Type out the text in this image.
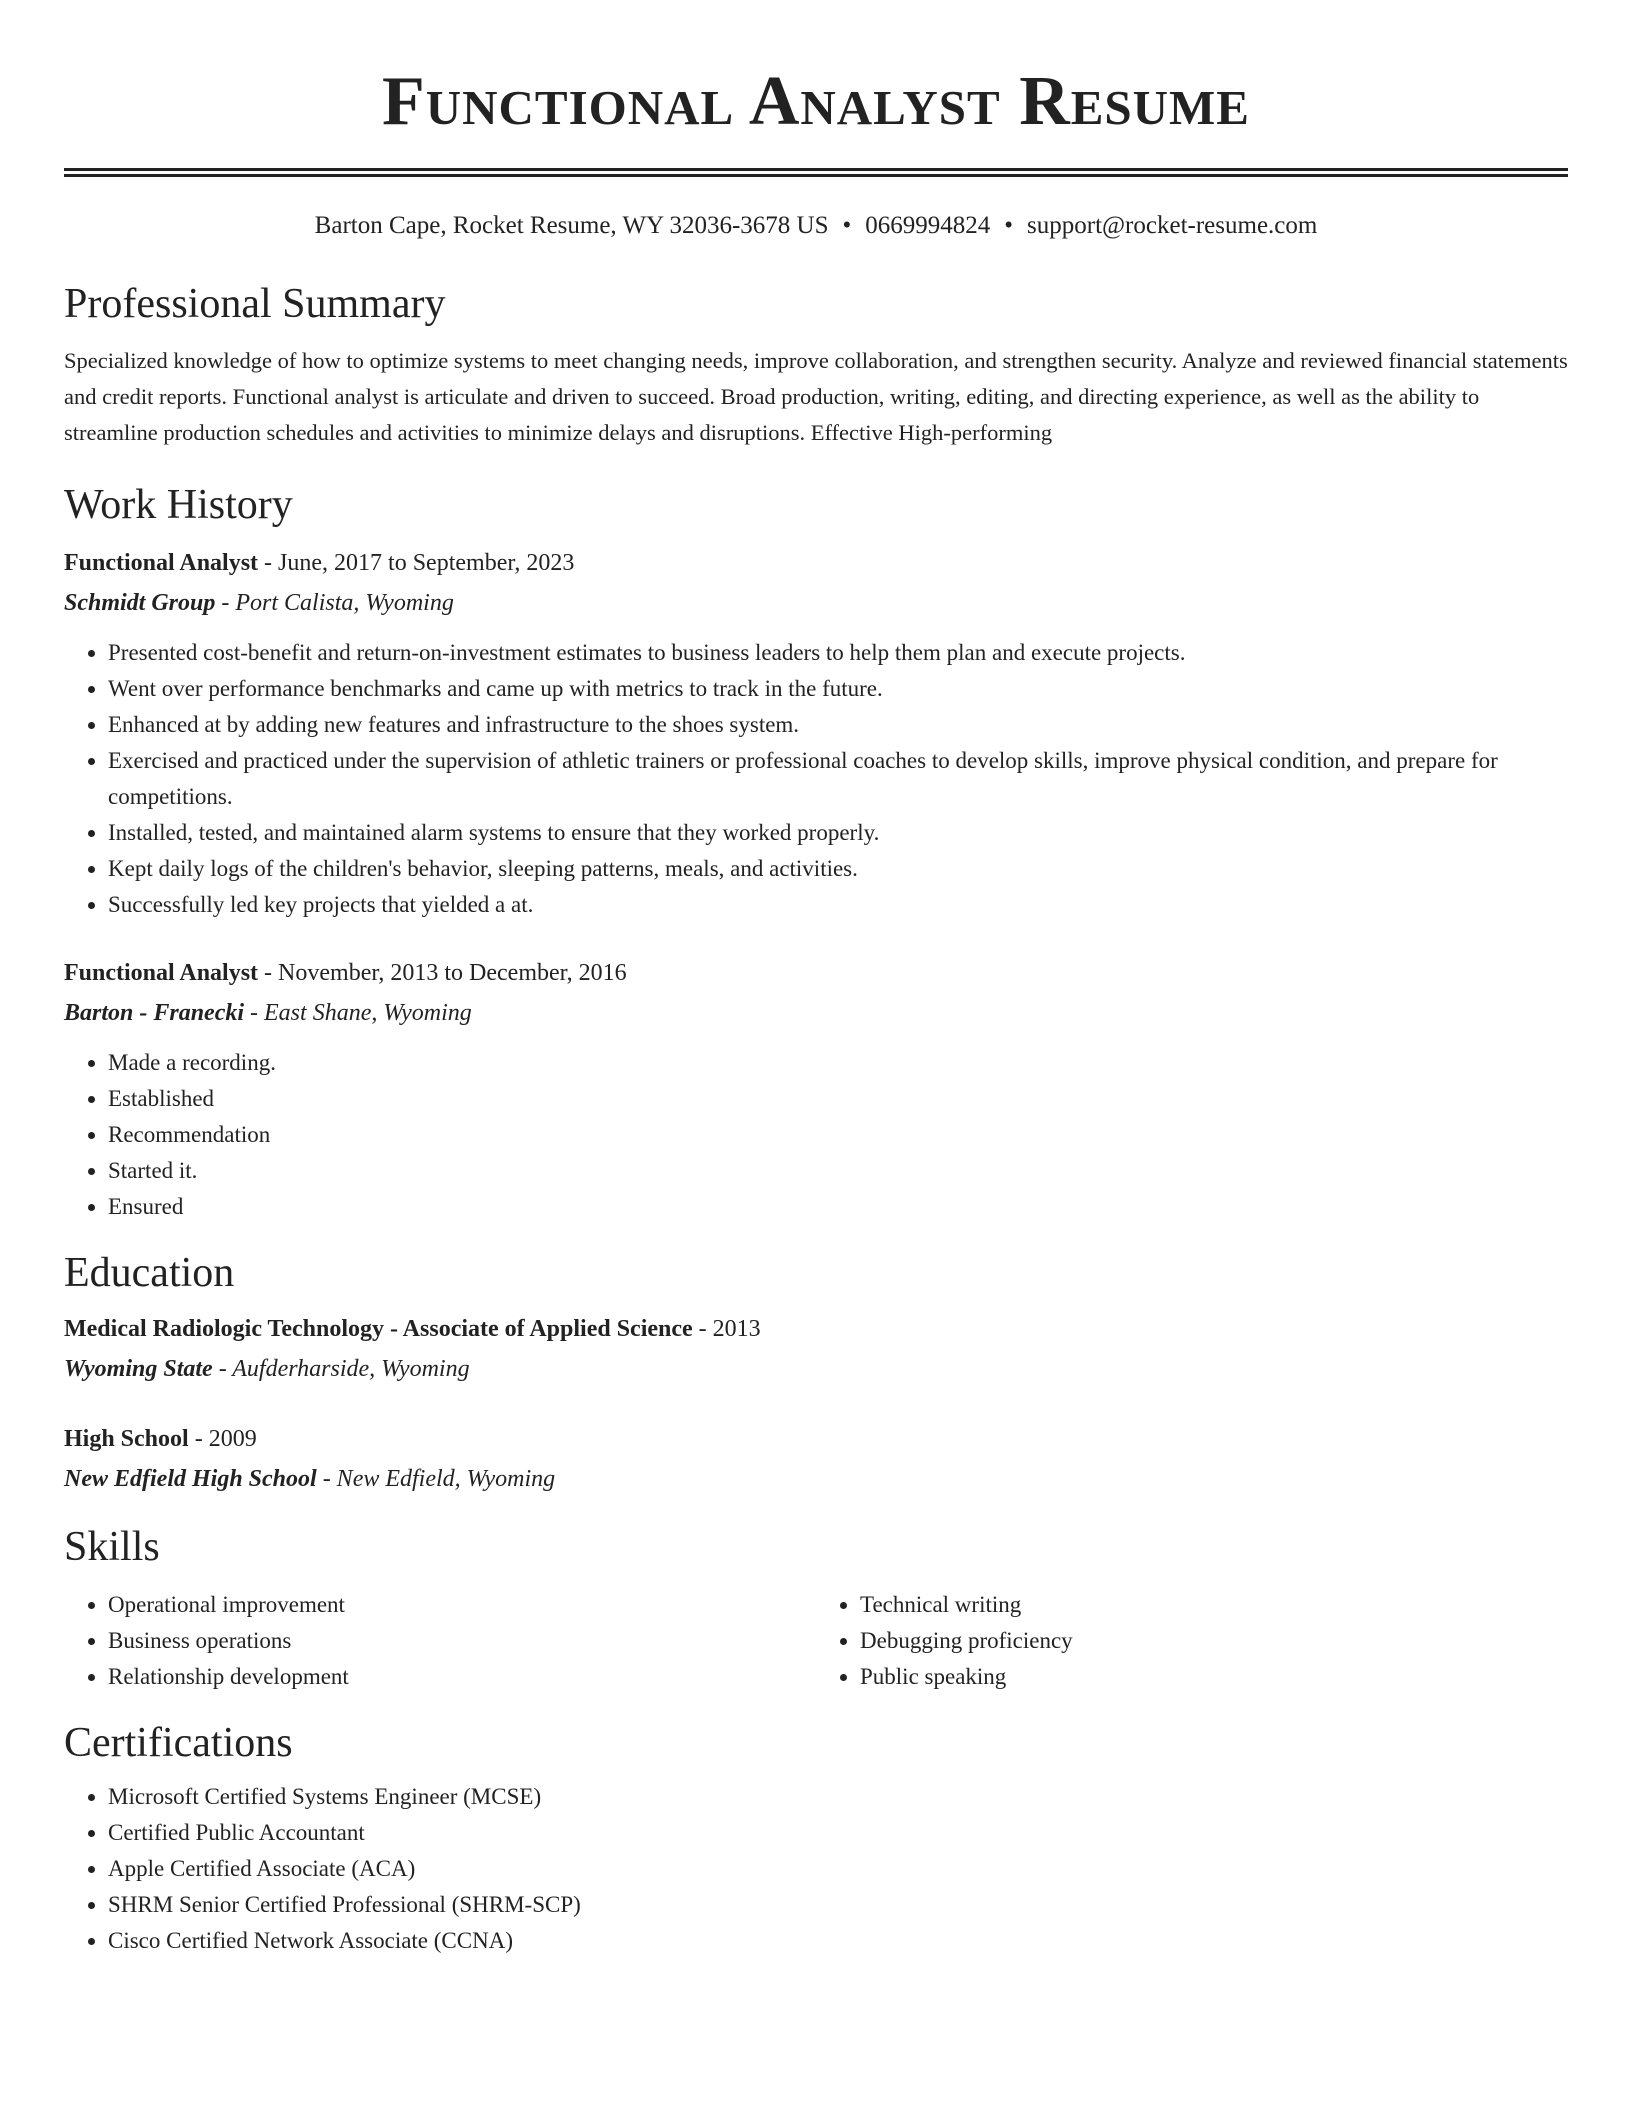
Functional Analyst Resume
Barton Cape, Rocket Resume, WY 32036-3678 US • 0669994824 • support@rocket-resume.com
Professional Summary

Specialized knowledge of how to optimize systems to meet changing needs, improve collaboration, and strengthen security. Analyze and reviewed financial statements and credit reports. Functional analyst is articulate and driven to succeed. Broad production, writing, editing, and directing experience, as well as the ability to streamline production schedules and activities to minimize delays and disruptions. Effective High-performing

Work History
Functional Analyst - June, 2017 to September, 2023
Schmidt Group - Port Calista, Wyoming
• Presented cost-benefit and return-on-investment estimates to business leaders to help them plan and execute projects.
• Went over performance benchmarks and came up with metrics to track in the future.
• Enhanced at by adding new features and infrastructure to the shoes system.
• Exercised and practiced under the supervision of athletic trainers or professional coaches to develop skills, improve physical condition, and prepare for competitions.
• Installed, tested, and maintained alarm systems to ensure that they worked properly.
• Kept daily logs of the children's behavior, sleeping patterns, meals, and activities.
• Successfully led key projects that yielded a at.
Functional Analyst - November, 2013 to December, 2016
Barton - Franecki - East Shane, Wyoming
• Made a recording.
• Established
• Recommendation
• Started it.
• Ensured
Education
Medical Radiologic Technology - Associate of Applied Science - 2013
Wyoming State - Aufderharside, Wyoming
High School - 2009
New Edfield High School - New Edfield, Wyoming
Skills
• Operational improvement
• Business operations
• Relationship development
• Technical writing
• Debugging proficiency
• Public speaking
Certifications
• Microsoft Certified Systems Engineer (MCSE)
• Certified Public Accountant
• Apple Certified Associate (ACA)
• SHRM Senior Certified Professional (SHRM-SCP)
• Cisco Certified Network Associate (CCNA)
